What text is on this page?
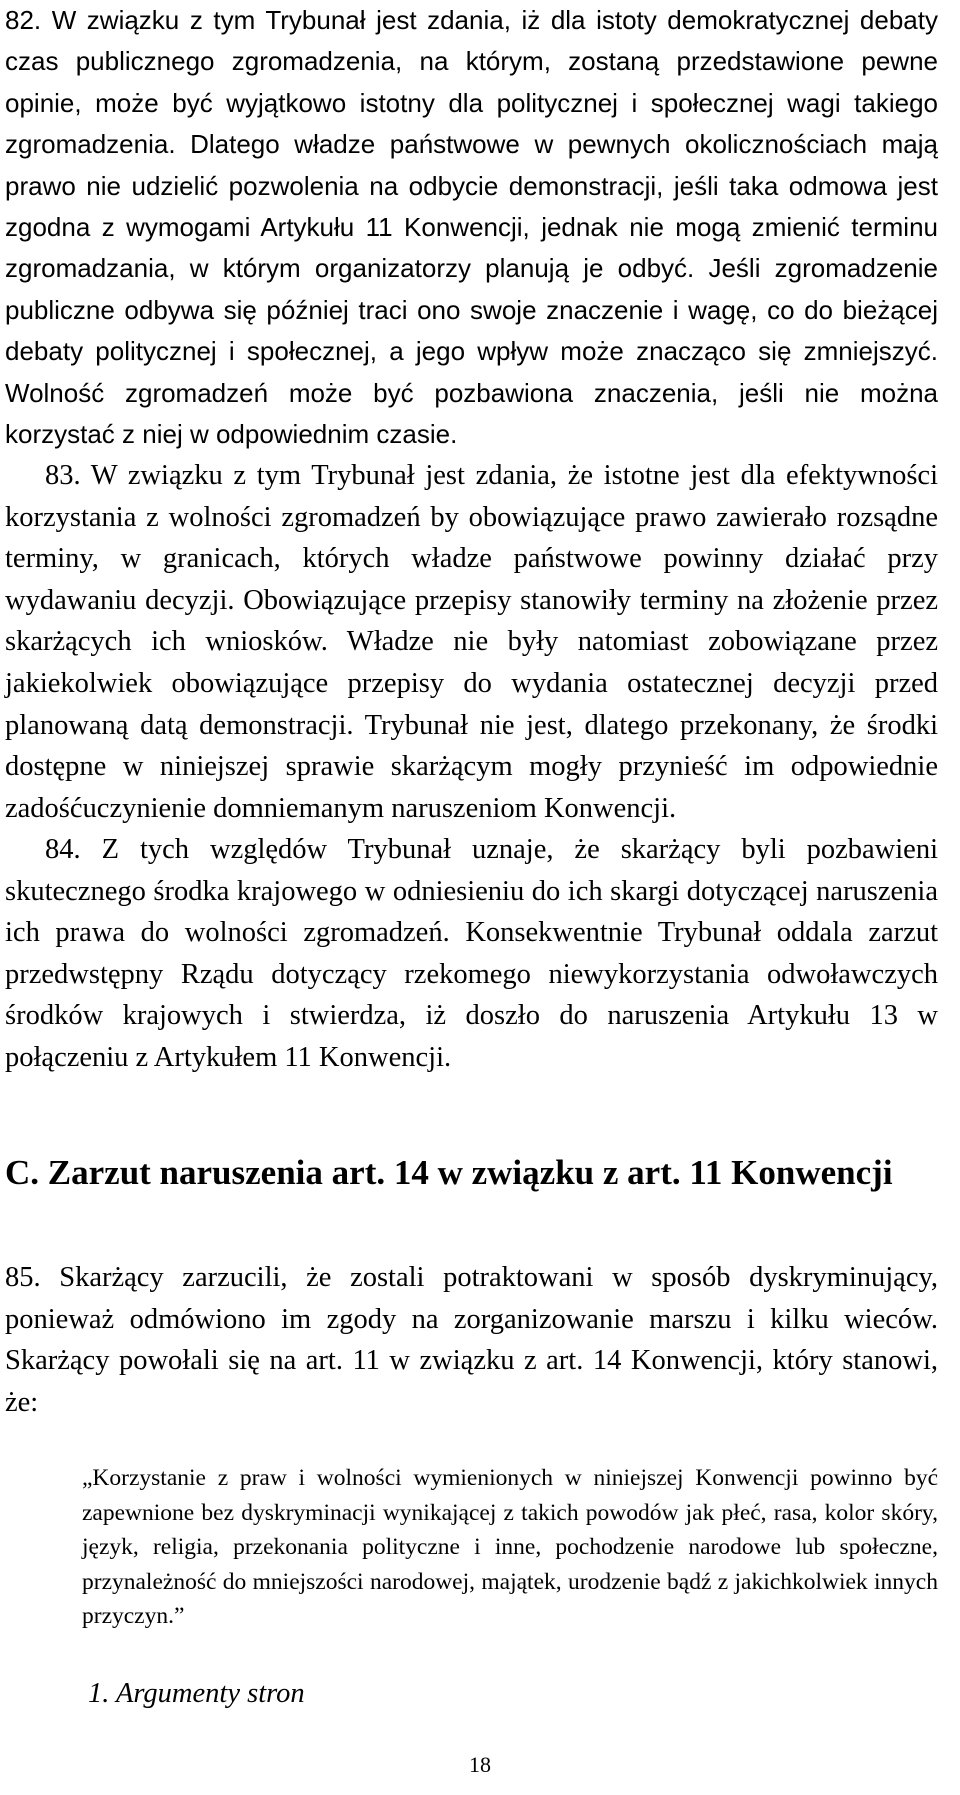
82. W związku z tym Trybunał jest zdania, iż dla istoty demokratycznej debaty czas publicznego zgromadzenia, na którym, zostaną przedstawione pewne opinie, może być wyjątkowo istotny dla politycznej i społecznej wagi takiego zgromadzenia. Dlatego władze państwowe w pewnych okolicznościach mają prawo nie udzielić pozwolenia na odbycie demonstracji, jeśli taka odmowa jest zgodna z wymogami Artykułu 11 Konwencji, jednak nie mogą zmienić terminu zgromadzania, w którym organizatorzy planują je odbyć. Jeśli zgromadzenie publiczne odbywa się później traci ono swoje znaczenie i wagę, co do bieżącej debaty politycznej i społecznej, a jego wpływ może znacząco się zmniejszyć. Wolność zgromadzeń może być pozbawiona znaczenia, jeśli nie można korzystać z niej w odpowiednim czasie.

83. W związku z tym Trybunał jest zdania, że istotne jest dla efektywności korzystania z wolności zgromadzeń by obowiązujące prawo zawierało rozsądne terminy, w granicach, których władze państwowe powinny działać przy wydawaniu decyzji. Obowiązujące przepisy stanowiły terminy na złożenie przez skarżących ich wniosków. Władze nie były natomiast zobowiązane przez jakiekolwiek obowiązujące przepisy do wydania ostatecznej decyzji przed planowaną datą demonstracji. Trybunał nie jest, dlatego przekonany, że środki dostępne w niniejszej sprawie skarżącym mogły przynieść im odpowiednie zadośćuczynienie domniemanym naruszeniom Konwencji.

84. Z tych względów Trybunał uznaje, że skarżący byli pozbawieni skutecznego środka krajowego w odniesieniu do ich skargi dotyczącej naruszenia ich prawa do wolności zgromadzeń. Konsekwentnie Trybunał oddala zarzut przedwstępny Rządu dotyczący rzekomego niewykorzystania odwoławczych środków krajowych i stwierdza, iż doszło do naruszenia Artykułu 13 w połączeniu z Artykułem 11 Konwencji.

C. Zarzut naruszenia art. 14 w związku z art. 11 Konwencji

85. Skarżący zarzucili, że zostali potraktowani w sposób dyskryminujący, ponieważ odmówiono im zgody na zorganizowanie marszu i kilku wieców. Skarżący powołali się na art. 11 w związku z art. 14 Konwencji, który stanowi, że:

„Korzystanie z praw i wolności wymienionych w niniejszej Konwencji powinno być zapewnione bez dyskryminacji wynikającej z takich powodów jak płeć, rasa, kolor skóry, język, religia, przekonania polityczne i inne, pochodzenie narodowe lub społeczne, przynależność do mniejszości narodowej, majątek, urodzenie bądź z jakichkolwiek innych przyczyn.”

1. Argumenty stron

18
